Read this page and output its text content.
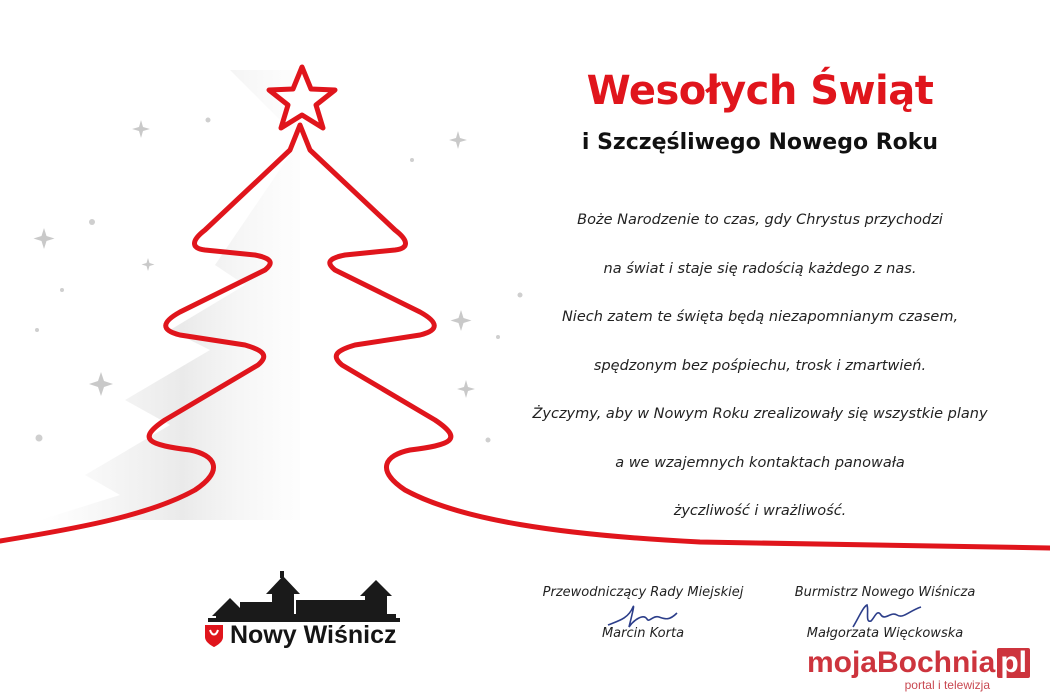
Wesołych Świąt
i Szczęśliwego Nowego Roku
Boże Narodzenie to czas, gdy Chrystus przychodzi
na świat i staje się radością każdego z nas.
Niech zatem te święta będą niezapomnianym czasem,
spędzonym bez pośpiechu, trosk i zmartwień.
Życzymy, aby w Nowym Roku zrealizowały się wszystkie plany
a we wzajemnych kontaktach panowała
życzliwość i wrażliwość.
Nowy Wiśnicz
Przewodniczący Rady Miejskiej
Marcin Korta
Burmistrz Nowego Wiśnicza
Małgorzata Więckowska
mojaBochnia pl
portal i telewizja
